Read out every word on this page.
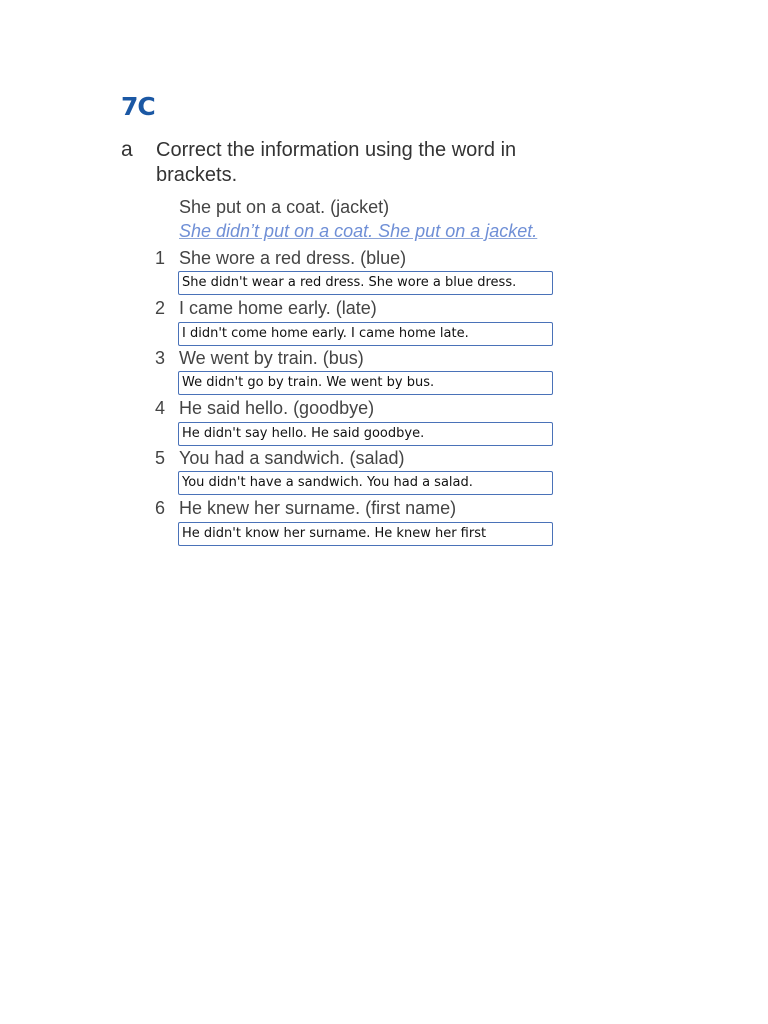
7C
a Correct the information using the word in brackets.
She put on a coat. (jacket)
She didn’t put on a coat. She put on a jacket.
1 She wore a red dress. (blue)
She didn't wear a red dress. She wore a blue dress.
2 I came home early. (late)
I didn't come home early. I came home late.
3 We went by train. (bus)
We didn't go by train. We went by bus.
4 He said hello. (goodbye)
He didn't say hello. He said goodbye.
5 You had a sandwich. (salad)
You didn't have a sandwich. You had a salad.
6 He knew her surname. (first name)
He didn't know her surname. He knew her first
